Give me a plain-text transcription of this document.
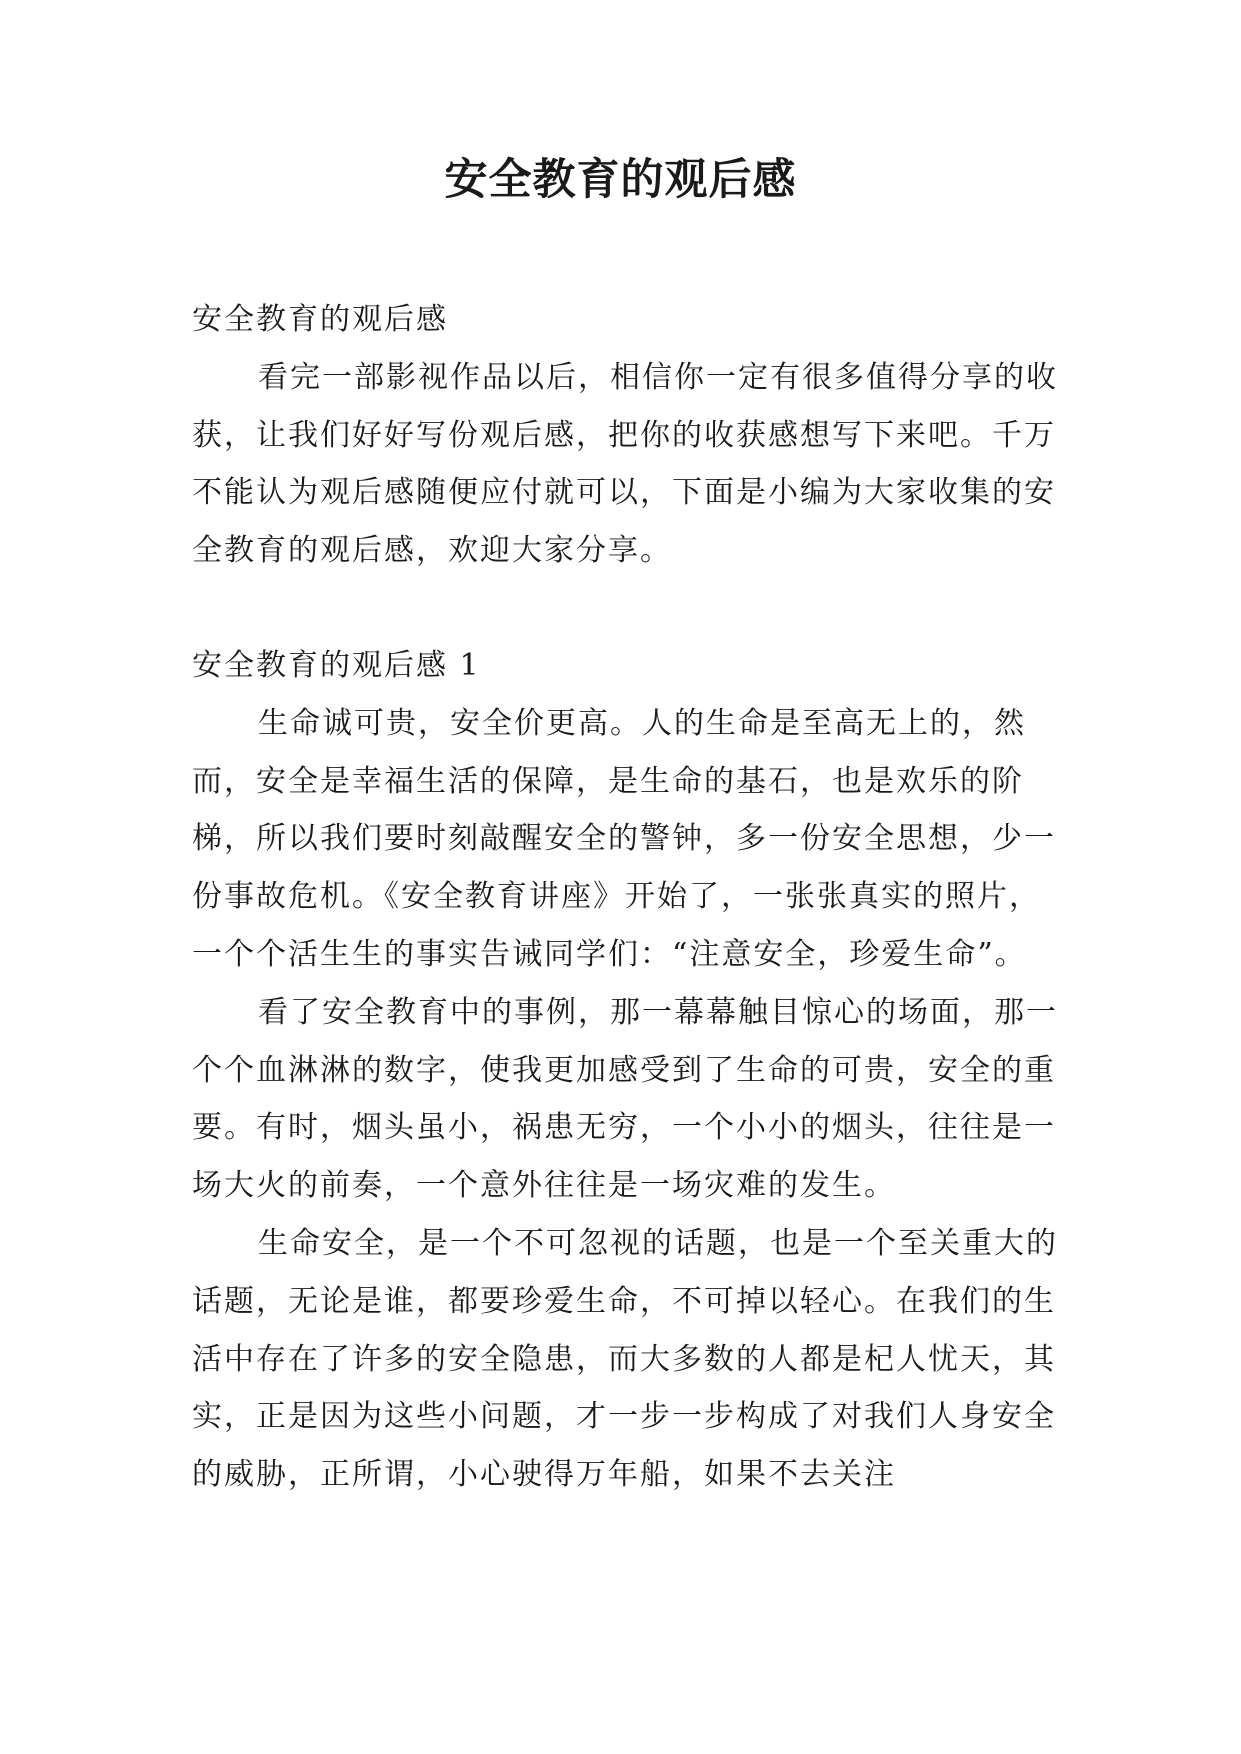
安全教育的观后感

安全教育的观后感

看完一部影视作品以后，相信你一定有很多值得分享的收获，让我们好好写份观后感，把你的收获感想写下来吧。千万不能认为观后感随便应付就可以，下面是小编为大家收集的安全教育的观后感，欢迎大家分享。

安全教育的观后感 1

生命诚可贵，安全价更高。人的生命是至高无上的，然而，安全是幸福生活的保障，是生命的基石，也是欢乐的阶梯，所以我们要时刻敲醒安全的警钟，多一份安全思想，少一份事故危机。《安全教育讲座》开始了，一张张真实的照片，一个个活生生的事实告诫同学们：“注意安全，珍爱生命”。

看了安全教育中的事例，那一幕幕触目惊心的场面，那一个个血淋淋的数字，使我更加感受到了生命的可贵，安全的重要。有时，烟头虽小，祸患无穷，一个小小的烟头，往往是一场大火的前奏，一个意外往往是一场灾难的发生。

生命安全，是一个不可忽视的话题，也是一个至关重大的话题，无论是谁，都要珍爱生命，不可掉以轻心。在我们的生活中存在了许多的安全隐患，而大多数的人都是杞人忧天，其实，正是因为这些小问题，才一步一步构成了对我们人身安全的威胁，正所谓，小心驶得万年船，如果不去关注
